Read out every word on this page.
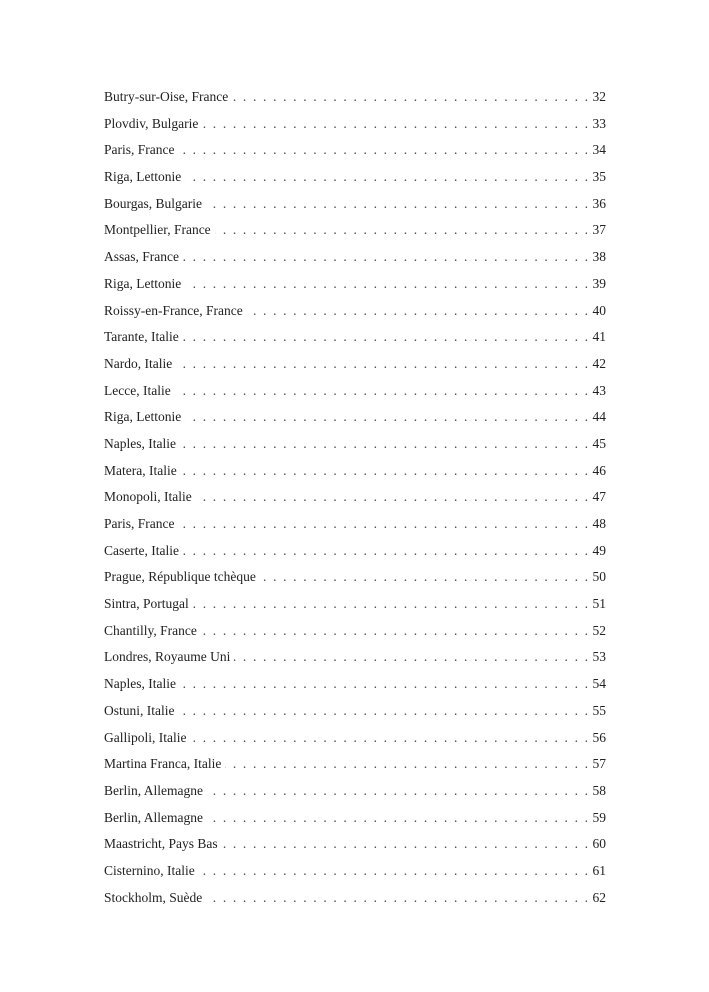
Butry-sur-Oise, France . . .	32
Plovdiv, Bulgarie . . .	33
Paris, France . . .	34
Riga, Lettonie . . .	35
Bourgas, Bulgarie . . .	36
Montpellier, France . . .	37
Assas, France . . .	38
Riga, Lettonie . . .	39
Roissy-en-France, France . . .	40
Tarante, Italie . . .	41
Nardo, Italie . . .	42
Lecce, Italie . . .	43
Riga, Lettonie . . .	44
Naples, Italie . . .	45
Matera, Italie . . .	46
Monopoli, Italie . . .	47
Paris, France . . .	48
Caserte, Italie . . .	49
Prague, République tchèque . . .	50
Sintra, Portugal . . .	51
Chantilly, France . . .	52
Londres, Royaume Uni . . .	53
Naples, Italie . . .	54
Ostuni, Italie . . .	55
Gallipoli, Italie . . .	56
Martina Franca, Italie . . .	57
Berlin, Allemagne . . .	58
Berlin, Allemagne . . .	59
Maastricht, Pays Bas . . .	60
Cisternino, Italie . . .	61
Stockholm, Suède . . .	62
